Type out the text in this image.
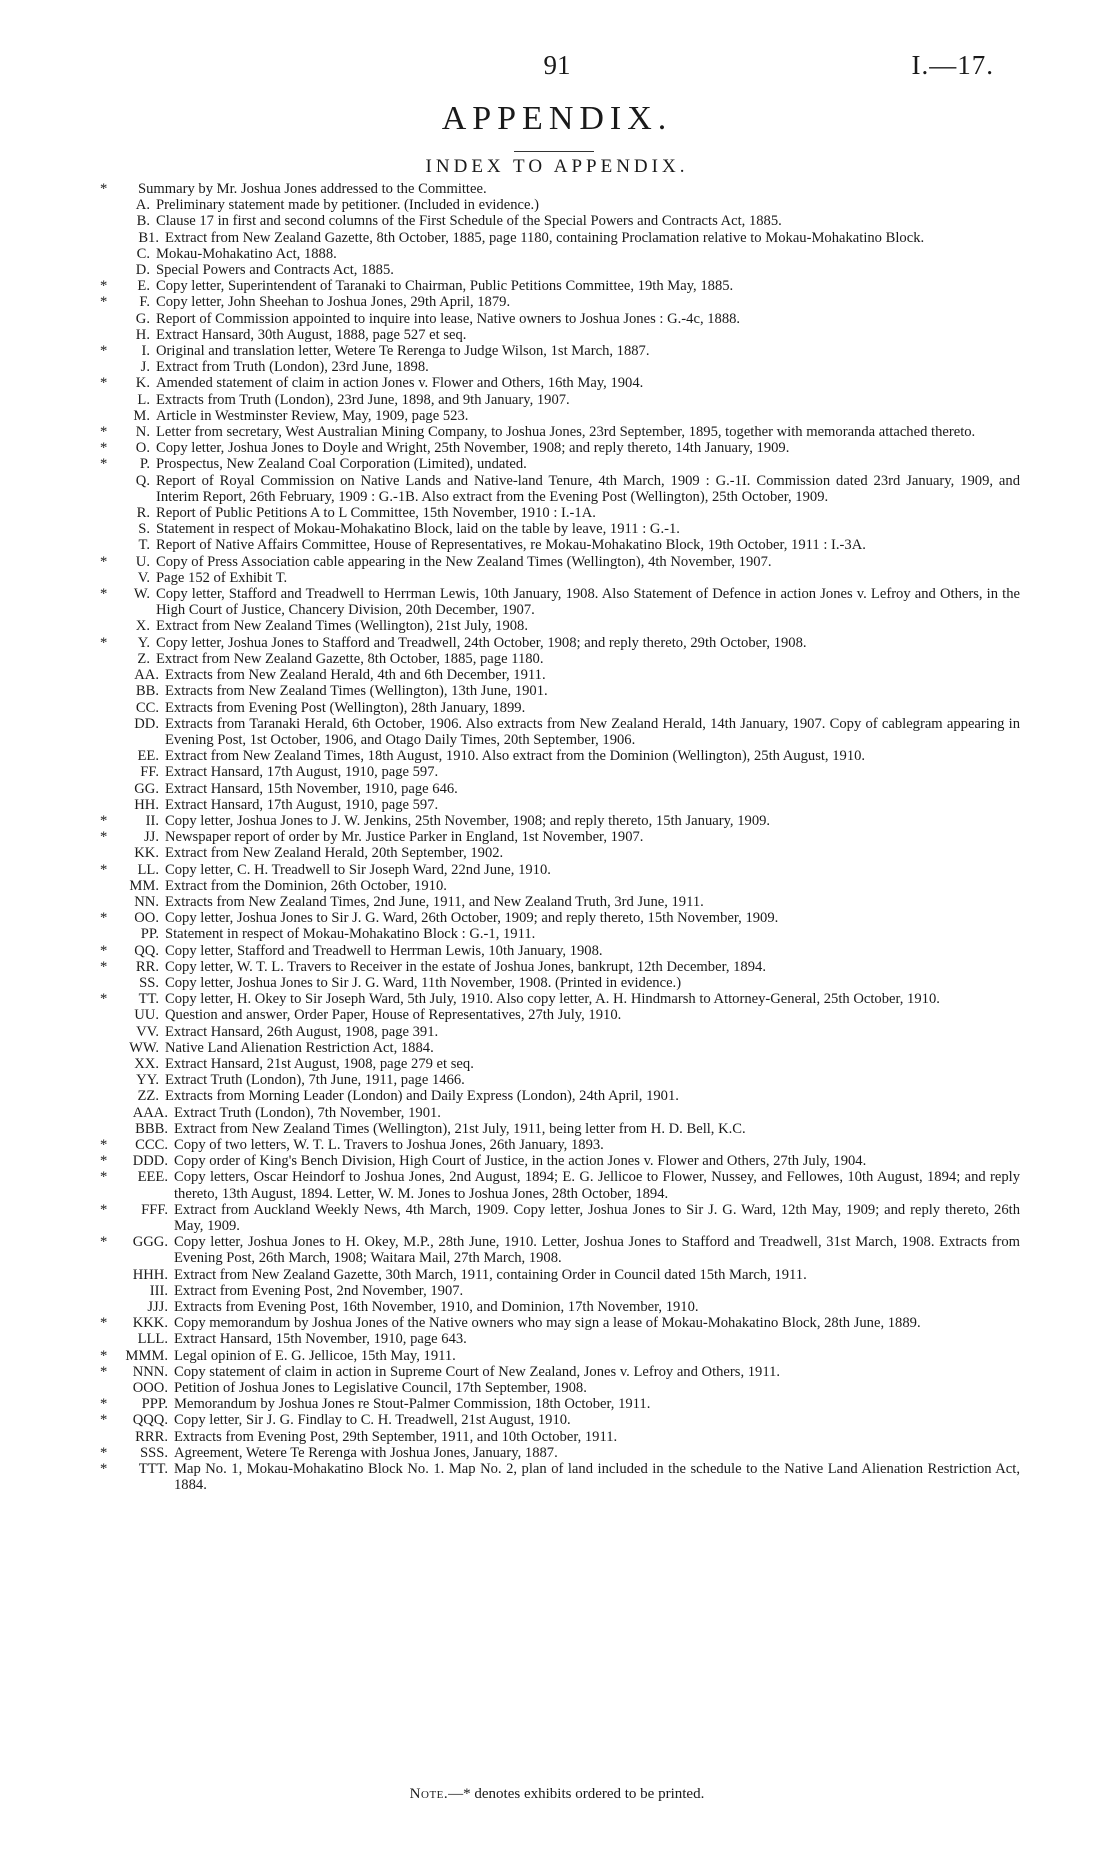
91	I.—17.
APPENDIX.
INDEX TO APPENDIX.
*	Summary by Mr. Joshua Jones addressed to the Committee.
A. Preliminary statement made by petitioner. (Included in evidence.)
B. Clause 17 in first and second columns of the First Schedule of the Special Powers and Contracts Act, 1885.
B1. Extract from New Zealand Gazette, 8th October, 1885, page 1180, containing Proclamation relative to Mokau-Mohakatino Block.
C. Mokau-Mohakatino Act, 1888.
D. Special Powers and Contracts Act, 1885.
*	E. Copy letter, Superintendent of Taranaki to Chairman, Public Petitions Committee, 19th May, 1885.
*	F. Copy letter, John Sheehan to Joshua Jones, 29th April, 1879.
G. Report of Commission appointed to inquire into lease, Native owners to Joshua Jones : G.-4c, 1888.
H. Extract Hansard, 30th August, 1888, page 527 et seq.
*	I. Original and translation letter, Wetere Te Rerenga to Judge Wilson, 1st March, 1887.
J. Extract from Truth (London), 23rd June, 1898.
*	K. Amended statement of claim in action Jones v. Flower and Others, 16th May, 1904.
L. Extracts from Truth (London), 23rd June, 1898, and 9th January, 1907.
M. Article in Westminster Review, May, 1909, page 523.
*	N. Letter from secretary, West Australian Mining Company, to Joshua Jones, 23rd September, 1895, together with memoranda attached thereto.
*	O. Copy letter, Joshua Jones to Doyle and Wright, 25th November, 1908; and reply thereto, 14th January, 1909.
*	P. Prospectus, New Zealand Coal Corporation (Limited), undated.
Q. Report of Royal Commission on Native Lands and Native-land Tenure, 4th March, 1909 : G.-1I. Commission dated 23rd January, 1909, and Interim Report, 26th February, 1909 : G.-1B. Also extract from the Evening Post (Wellington), 25th October, 1909.
R. Report of Public Petitions A to L Committee, 15th November, 1910 : I.-1A.
S. Statement in respect of Mokau-Mohakatino Block, laid on the table by leave, 1911 : G.-1.
T. Report of Native Affairs Committee, House of Representatives, re Mokau-Mohakatino Block, 19th October, 1911 : I.-3A.
*	U. Copy of Press Association cable appearing in the New Zealand Times (Wellington), 4th November, 1907.
V. Page 152 of Exhibit T.
*	W. Copy letter, Stafford and Treadwell to Herrman Lewis, 10th January, 1908. Also Statement of Defence in action Jones v. Lefroy and Others, in the High Court of Justice, Chancery Division, 20th December, 1907.
X. Extract from New Zealand Times (Wellington), 21st July, 1908.
*	Y. Copy letter, Joshua Jones to Stafford and Treadwell, 24th October, 1908; and reply thereto, 29th October, 1908.
Z. Extract from New Zealand Gazette, 8th October, 1885, page 1180.
AA. Extracts from New Zealand Herald, 4th and 6th December, 1911.
BB. Extracts from New Zealand Times (Wellington), 13th June, 1901.
CC. Extracts from Evening Post (Wellington), 28th January, 1899.
DD. Extracts from Taranaki Herald, 6th October, 1906. Also extracts from New Zealand Herald, 14th January, 1907. Copy of cablegram appearing in Evening Post, 1st October, 1906, and Otago Daily Times, 20th September, 1906.
EE. Extract from New Zealand Times, 18th August, 1910. Also extract from the Dominion (Wellington), 25th August, 1910.
FF. Extract Hansard, 17th August, 1910, page 597.
GG. Extract Hansard, 15th November, 1910, page 646.
HH. Extract Hansard, 17th August, 1910, page 597.
*	II. Copy letter, Joshua Jones to J. W. Jenkins, 25th November, 1908; and reply thereto, 15th January, 1909.
*	JJ. Newspaper report of order by Mr. Justice Parker in England, 1st November, 1907.
KK. Extract from New Zealand Herald, 20th September, 1902.
*	LL. Copy letter, C. H. Treadwell to Sir Joseph Ward, 22nd June, 1910.
MM. Extract from the Dominion, 26th October, 1910.
NN. Extracts from New Zealand Times, 2nd June, 1911, and New Zealand Truth, 3rd June, 1911.
*	OO. Copy letter, Joshua Jones to Sir J. G. Ward, 26th October, 1909; and reply thereto, 15th November, 1909.
PP. Statement in respect of Mokau-Mohakatino Block : G.-1, 1911.
*	QQ. Copy letter, Stafford and Treadwell to Herrman Lewis, 10th January, 1908.
*	RR. Copy letter, W. T. L. Travers to Receiver in the estate of Joshua Jones, bankrupt, 12th December, 1894.
SS. Copy letter, Joshua Jones to Sir J. G. Ward, 11th November, 1908. (Printed in evidence.)
*	TT. Copy letter, H. Okey to Sir Joseph Ward, 5th July, 1910. Also copy letter, A. H. Hindmarsh to Attorney-General, 25th October, 1910.
UU. Question and answer, Order Paper, House of Representatives, 27th July, 1910.
VV. Extract Hansard, 26th August, 1908, page 391.
WW. Native Land Alienation Restriction Act, 1884.
XX. Extract Hansard, 21st August, 1908, page 279 et seq.
YY. Extract Truth (London), 7th June, 1911, page 1466.
ZZ. Extracts from Morning Leader (London) and Daily Express (London), 24th April, 1901.
AAA. Extract Truth (London), 7th November, 1901.
BBB. Extract from New Zealand Times (Wellington), 21st July, 1911, being letter from H. D. Bell, K.C.
*	CCC. Copy of two letters, W. T. L. Travers to Joshua Jones, 26th January, 1893.
*	DDD. Copy order of King's Bench Division, High Court of Justice, in the action Jones v. Flower and Others, 27th July, 1904.
*	EEE. Copy letters, Oscar Heindorf to Joshua Jones, 2nd August, 1894; E. G. Jellicoe to Flower, Nussey, and Fellowes, 10th August, 1894; and reply thereto, 13th August, 1894. Letter, W. M. Jones to Joshua Jones, 28th October, 1894.
*	FFF. Extract from Auckland Weekly News, 4th March, 1909. Copy letter, Joshua Jones to Sir J. G. Ward, 12th May, 1909; and reply thereto, 26th May, 1909.
*	GGG. Copy letter, Joshua Jones to H. Okey, M.P., 28th June, 1910. Letter, Joshua Jones to Stafford and Treadwell, 31st March, 1908. Extracts from Evening Post, 26th March, 1908; Waitara Mail, 27th March, 1908.
HHH. Extract from New Zealand Gazette, 30th March, 1911, containing Order in Council dated 15th March, 1911.
III. Extract from Evening Post, 2nd November, 1907.
JJJ. Extracts from Evening Post, 16th November, 1910, and Dominion, 17th November, 1910.
*	KKK. Copy memorandum by Joshua Jones of the Native owners who may sign a lease of Mokau-Mohakatino Block, 28th June, 1889.
LLL. Extract Hansard, 15th November, 1910, page 643.
*	MMM. Legal opinion of E. G. Jellicoe, 15th May, 1911.
*	NNN. Copy statement of claim in action in Supreme Court of New Zealand, Jones v. Lefroy and Others, 1911.
OOO. Petition of Joshua Jones to Legislative Council, 17th September, 1908.
*	PPP. Memorandum by Joshua Jones re Stout-Palmer Commission, 18th October, 1911.
*	QQQ. Copy letter, Sir J. G. Findlay to C. H. Treadwell, 21st August, 1910.
RRR. Extracts from Evening Post, 29th September, 1911, and 10th October, 1911.
*	SSS. Agreement, Wetere Te Rerenga with Joshua Jones, January, 1887.
*	TTT. Map No. 1, Mokau-Mohakatino Block No. 1. Map No. 2, plan of land included in the schedule to the Native Land Alienation Restriction Act, 1884.
Note.—* denotes exhibits ordered to be printed.
